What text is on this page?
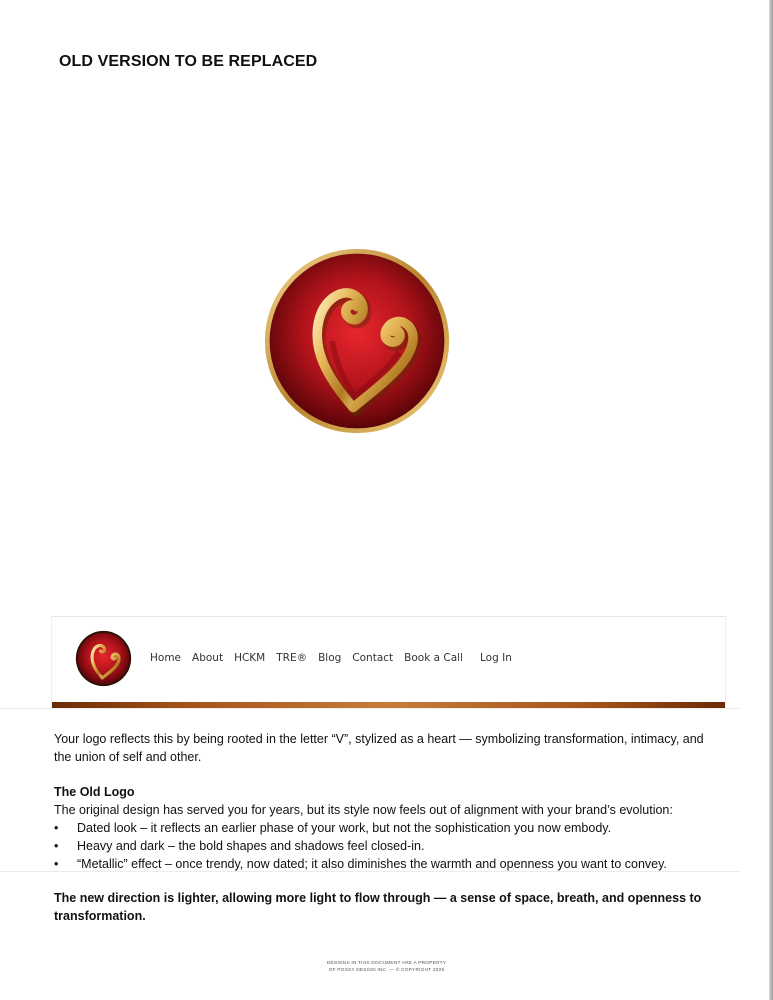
OLD VERSION TO BE REPLACED
Home About HCKM TRE® Blog Contact Book a Call Log In

Your logo reflects this by being rooted in the letter “V”, stylized as a heart — symbolizing transformation, intimacy, and the union of self and other.

The Old Logo
The original design has served you for years, but its style now feels out of alignment with your brand’s evolution:
• Dated look – it reflects an earlier phase of your work, but not the sophistication you now embody.
• Heavy and dark – the bold shapes and shadows feel closed-in.
• “Metallic” effect – once trendy, now dated; it also diminishes the warmth and openness you want to convey.

The new direction is lighter, allowing more light to flow through — a sense of space, breath, and openness to transformation.

DESIGNS IN THIS DOCUMENT ARE A PROPERTY
OF POSSY DESIGN INC. — © COPYRIGHT 2025
